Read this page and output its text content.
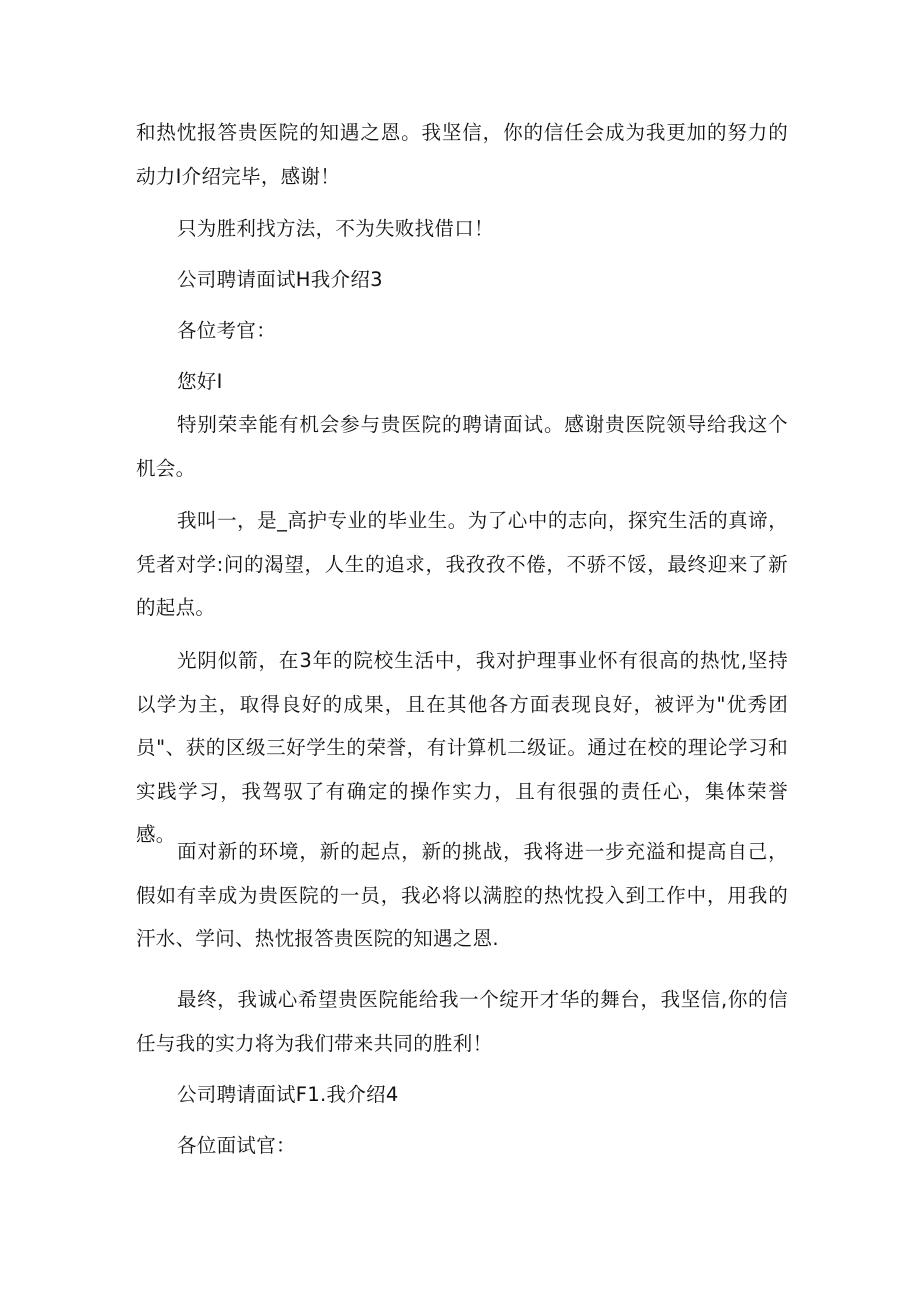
和热忱报答贵医院的知遇之恩。我坚信，你的信任会成为我更加的努力的动力I介绍完毕，感谢！

只为胜利找方法，不为失败找借口！

公司聘请面试H我介绍3

各位考官：

您好I

特别荣幸能有机会参与贵医院的聘请面试。感谢贵医院领导给我这个机会。

我叫一，是_高护专业的毕业生。为了心中的志向，探究生活的真谛，凭者对学:问的渴望，人生的追求，我孜孜不倦，不骄不馁，最终迎来了新的起点。

光阴似箭，在3年的院校生活中，我对护理事业怀有很高的热忱,坚持以学为主，取得良好的成果，且在其他各方面表现良好，被评为"优秀团员"、获的区级三好学生的荣誉，有计算机二级证。通过在校的理论学习和实践学习，我驾驭了有确定的操作实力，且有很强的责任心，集体荣誉感。

面对新的环境，新的起点，新的挑战，我将进一步充溢和提高自己，假如有幸成为贵医院的一员，我必将以满腔的热忱投入到工作中，用我的汗水、学问、热忱报答贵医院的知遇之恩.

最终，我诚心希望贵医院能给我一个绽开才华的舞台，我坚信,你的信任与我的实力将为我们带来共同的胜利！

公司聘请面试F1.我介绍4

各位面试官：
